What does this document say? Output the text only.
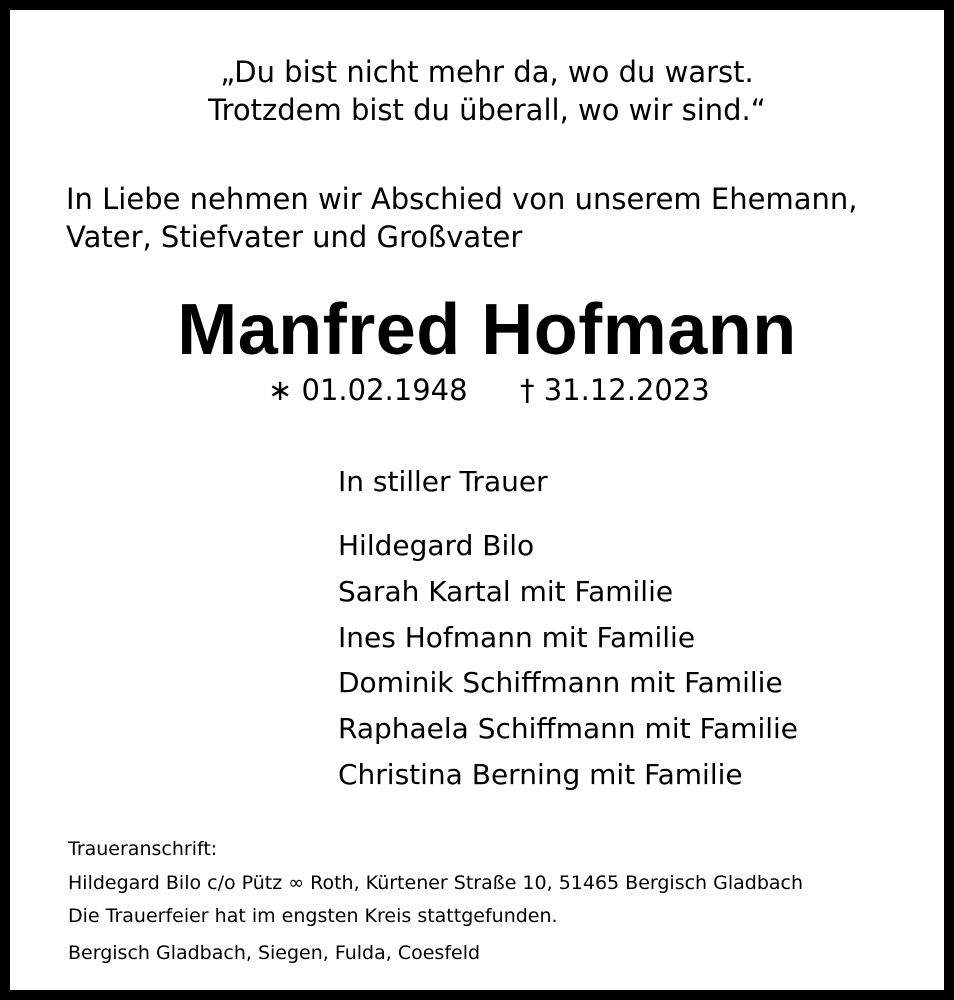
„Du bist nicht mehr da, wo du warst.
Trotzdem bist du überall, wo wir sind.“
In Liebe nehmen wir Abschied von unserem Ehemann,
Vater, Stiefvater und Großvater
Manfred Hofmann
∗ 01.02.1948 † 31.12.2023
In stiller Trauer
Hildegard Bilo
Sarah Kartal mit Familie
Ines Hofmann mit Familie
Dominik Schiffmann mit Familie
Raphaela Schiffmann mit Familie
Christina Berning mit Familie
Traueranschrift:
Hildegard Bilo c/o Pütz ∞ Roth, Kürtener Straße 10, 51465 Bergisch Gladbach
Die Trauerfeier hat im engsten Kreis stattgefunden.
Bergisch Gladbach, Siegen, Fulda, Coesfeld
